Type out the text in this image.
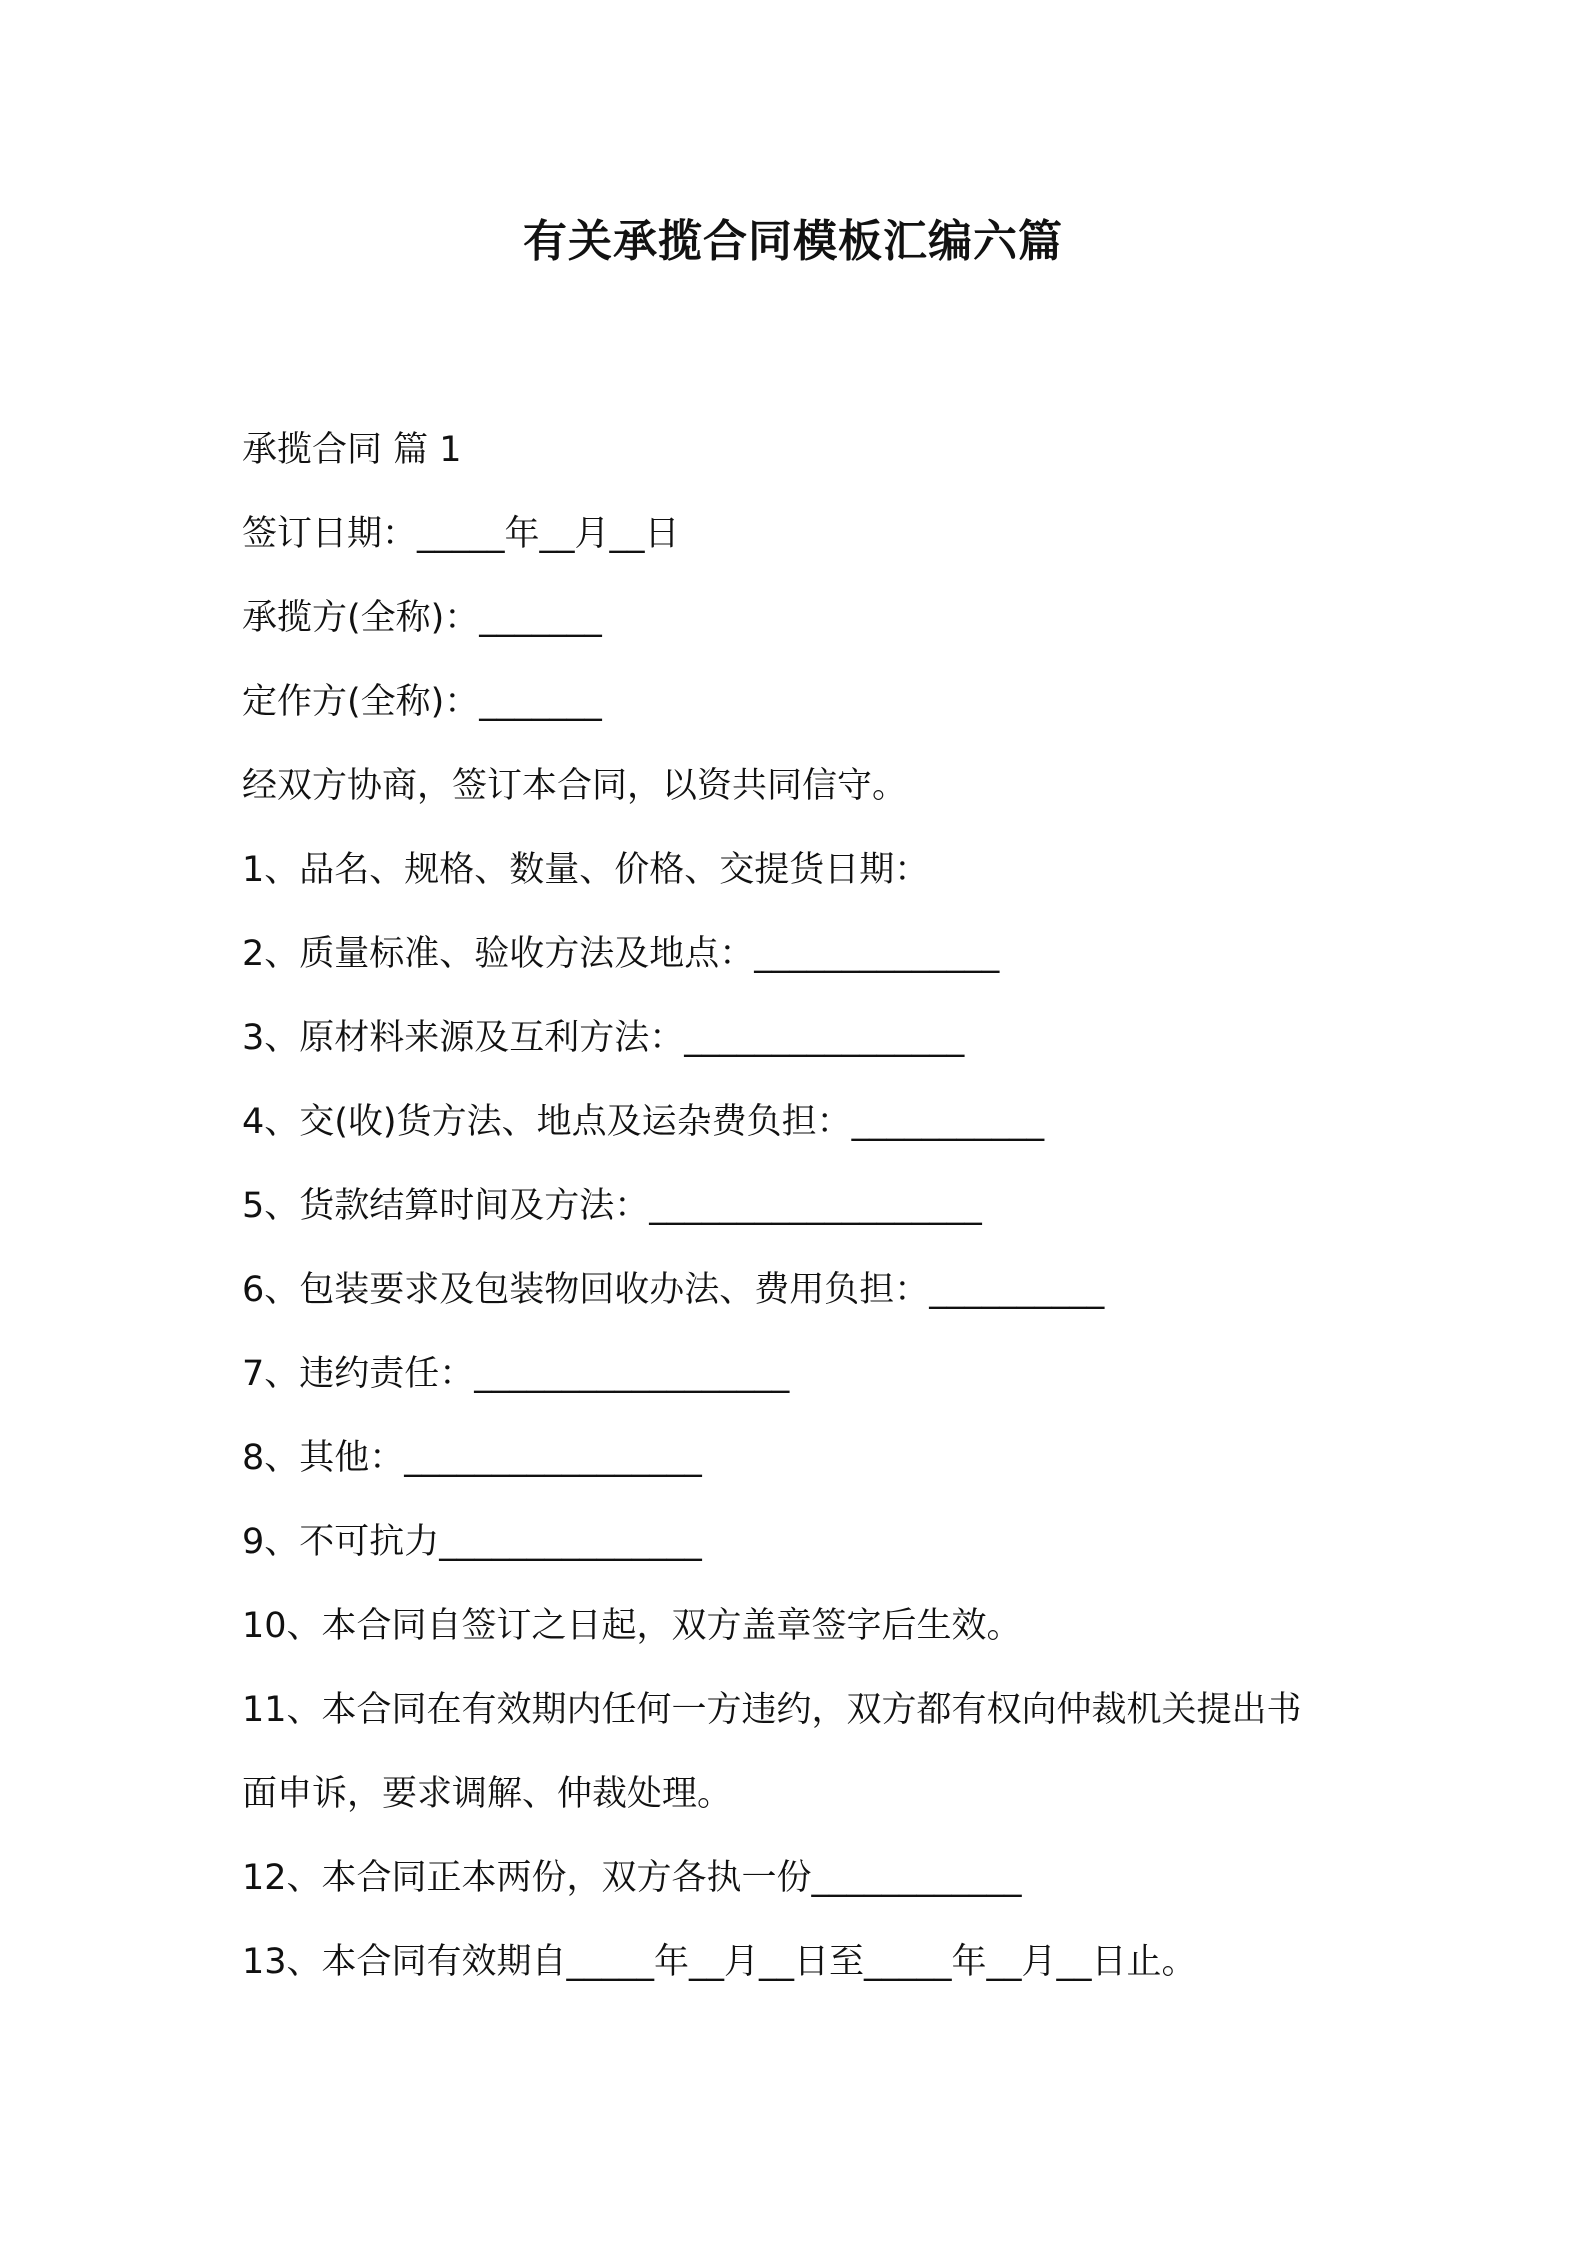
有关承揽合同模板汇编六篇
承揽合同 篇 1
签订日期：_____年__月__日
承揽方(全称)：_______
定作方(全称)：_______
经双方协商，签订本合同，以资共同信守。
1、品名、规格、数量、价格、交提货日期：
2、质量标准、验收方法及地点：______________
3、原材料来源及互利方法：________________
4、交(收)货方法、地点及运杂费负担：___________
5、货款结算时间及方法：___________________
6、包装要求及包装物回收办法、费用负担：__________
7、违约责任：__________________
8、其他：_________________
9、不可抗力_______________
10、本合同自签订之日起，双方盖章签字后生效。
11、本合同在有效期内任何一方违约，双方都有权向仲裁机关提出书
面申诉，要求调解、仲裁处理。
12、本合同正本两份，双方各执一份____________
13、本合同有效期自_____年__月__日至_____年__月__日止。
